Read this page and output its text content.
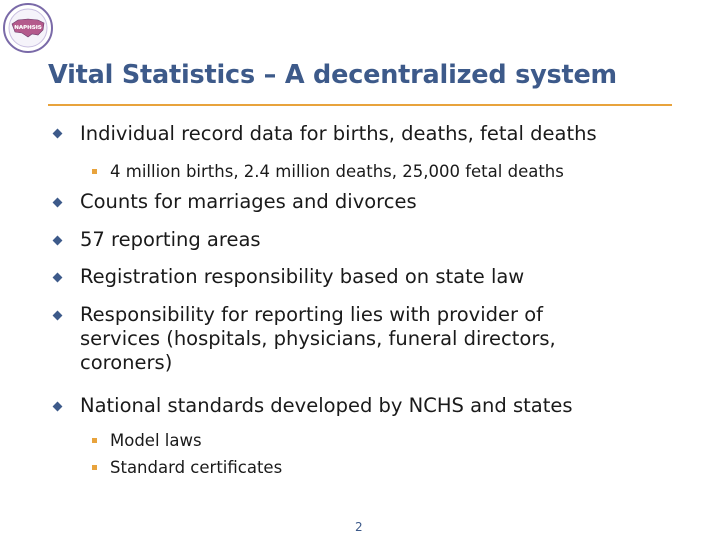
NAPHSIS
Vital Statistics – A decentralized system
Individual record data for births, deaths, fetal deaths
4 million births, 2.4 million deaths, 25,000 fetal deaths
Counts for marriages and divorces
57 reporting areas
Registration responsibility based on state law
Responsibility for reporting lies with provider of
services (hospitals, physicians, funeral directors,
coroners)
National standards developed by NCHS and states
Model laws
Standard certificates
2
